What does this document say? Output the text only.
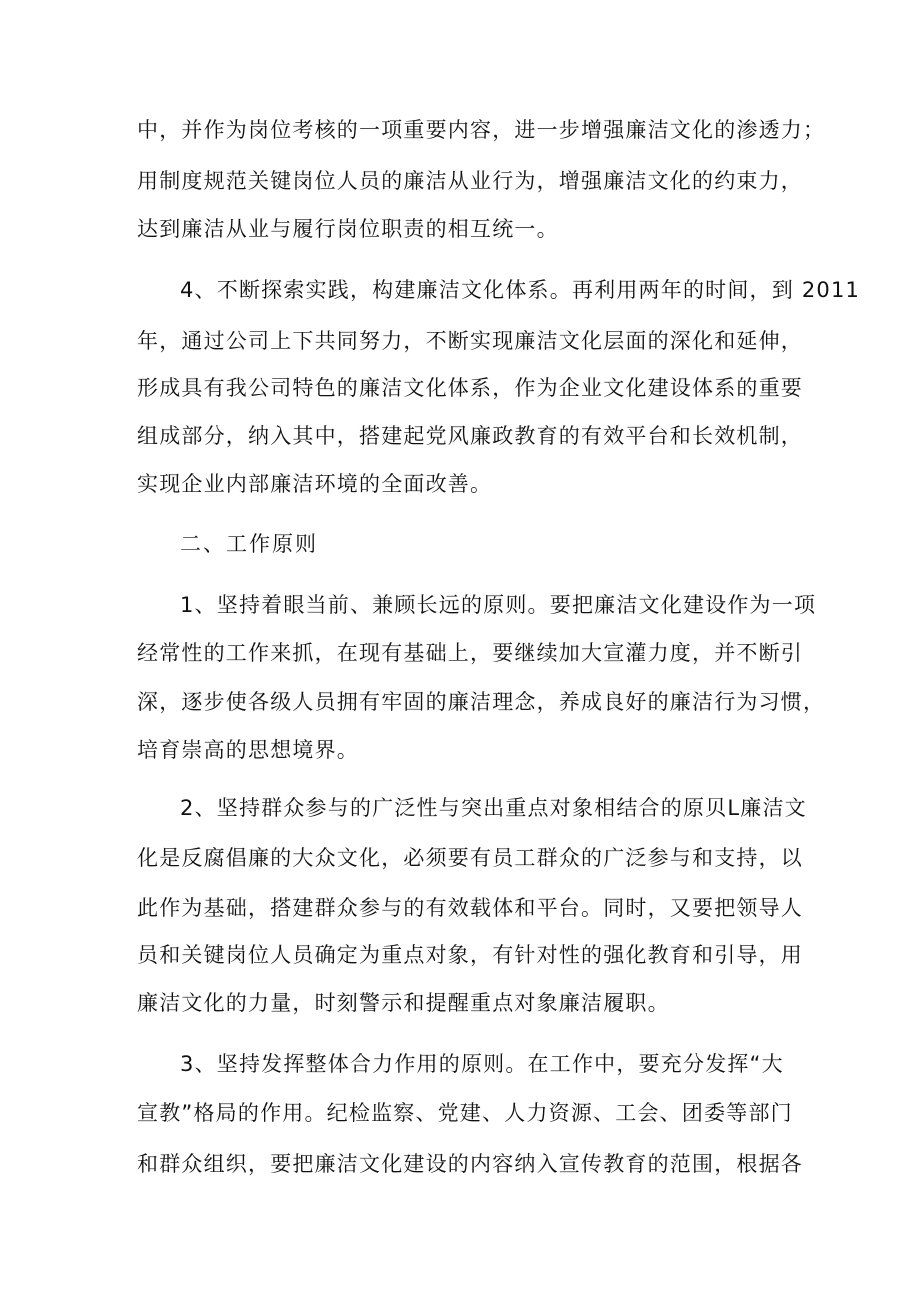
中，并作为岗位考核的一项重要内容，进一步增强廉洁文化的渗透力；
用制度规范关键岗位人员的廉洁从业行为，增强廉洁文化的约束力，
达到廉洁从业与履行岗位职责的相互统一。
4、不断探索实践，构建廉洁文化体系。再利用两年的时间，到 2011
年，通过公司上下共同努力，不断实现廉洁文化层面的深化和延伸，
形成具有我公司特色的廉洁文化体系，作为企业文化建设体系的重要
组成部分，纳入其中，搭建起党风廉政教育的有效平台和长效机制，
实现企业内部廉洁环境的全面改善。
二、工作原则
1、坚持着眼当前、兼顾长远的原则。要把廉洁文化建设作为一项
经常性的工作来抓，在现有基础上，要继续加大宣灌力度，并不断引
深，逐步使各级人员拥有牢固的廉洁理念，养成良好的廉洁行为习惯，
培育崇高的思想境界。
2、坚持群众参与的广泛性与突出重点对象相结合的原贝L廉洁文
化是反腐倡廉的大众文化，必须要有员工群众的广泛参与和支持，以
此作为基础，搭建群众参与的有效载体和平台。同时，又要把领导人
员和关键岗位人员确定为重点对象，有针对性的强化教育和引导，用
廉洁文化的力量，时刻警示和提醒重点对象廉洁履职。
3、坚持发挥整体合力作用的原则。在工作中，要充分发挥“大
宣教”格局的作用。纪检监察、党建、人力资源、工会、团委等部门
和群众组织，要把廉洁文化建设的内容纳入宣传教育的范围，根据各
